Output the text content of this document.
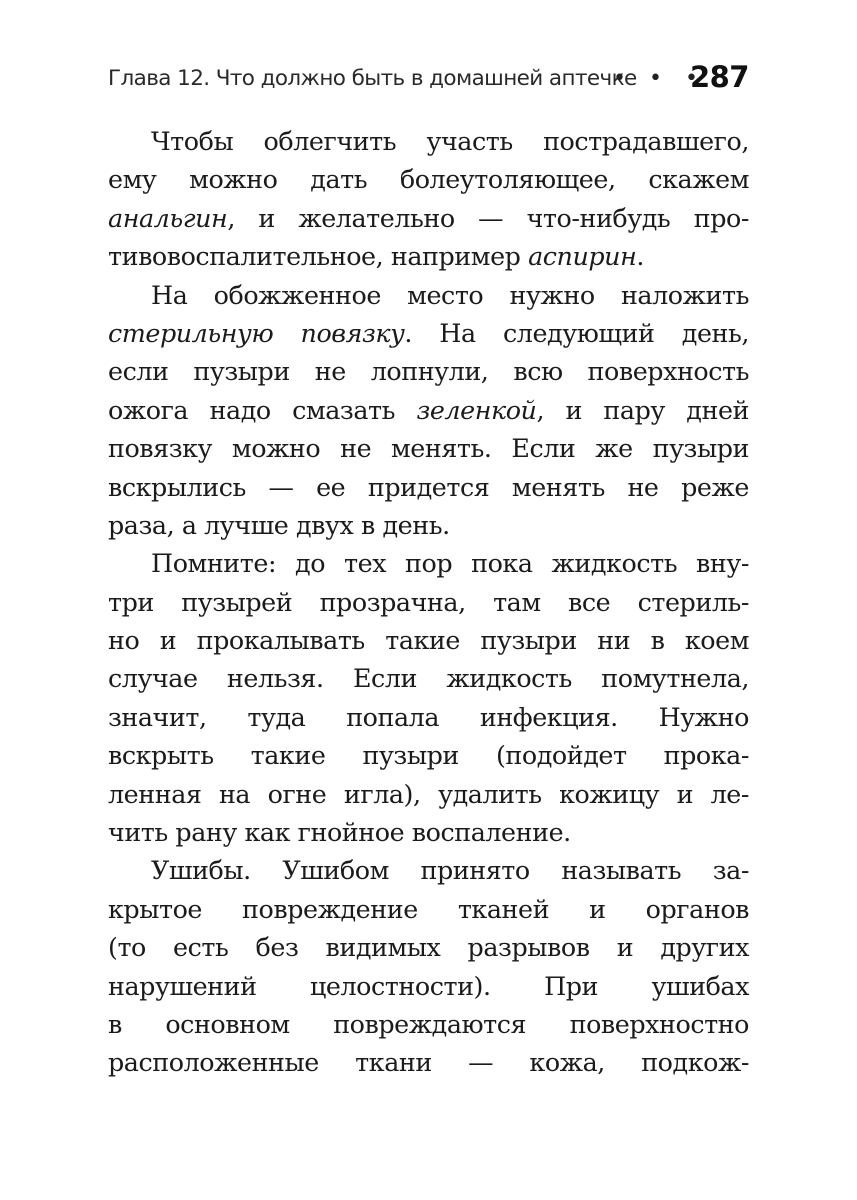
Глава 12. Что должно быть в домашней аптечке
• • •
287
Чтобы облегчить участь пострадавшего,
ему можно дать болеутоляющее, скажем
анальгин, и желательно — что-нибудь про-
тивовоспалительное, например аспирин.
На обожженное место нужно наложить
стерильную повязку. На следующий день,
если пузыри не лопнули, всю поверхность
ожога надо смазать зеленкой, и пару дней
повязку можно не менять. Если же пузыри
вскрылись — ее придется менять не реже
раза, а лучше двух в день.
Помните: до тех пор пока жидкость вну-
три пузырей прозрачна, там все стериль-
но и прокалывать такие пузыри ни в коем
случае нельзя. Если жидкость помутнела,
значит, туда попала инфекция. Нужно
вскрыть такие пузыри (подойдет прока-
ленная на огне игла), удалить кожицу и ле-
чить рану как гнойное воспаление.
Ушибы. Ушибом принято называть за-
крытое повреждение тканей и органов
(то есть без видимых разрывов и других
нарушений целостности). При ушибах
в основном повреждаются поверхностно
расположенные ткани — кожа, подкож-
